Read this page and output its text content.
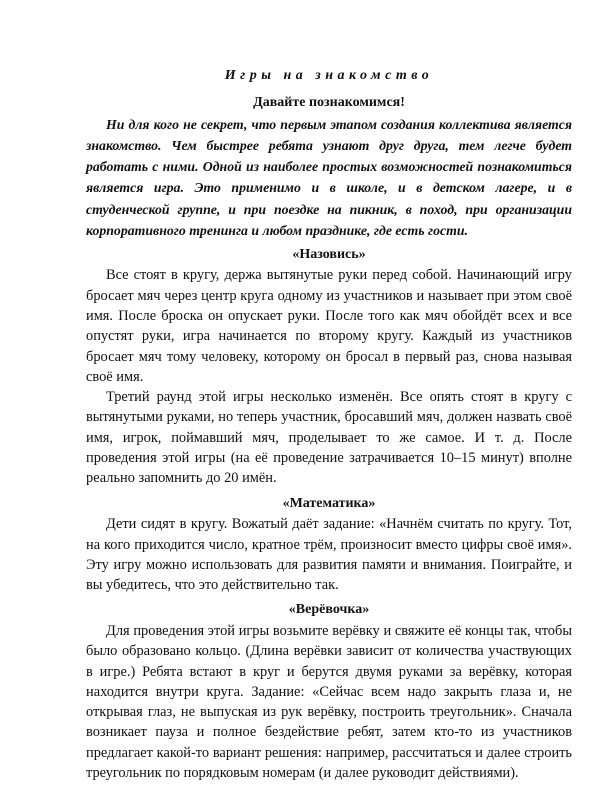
Игры на знакомство
Давайте познакомимся!

Ни для кого не секрет, что первым этапом создания коллектива является знакомство. Чем быстрее ребята узнают друг друга, тем легче будет работать с ними. Одной из наиболее простых возможностей познакомиться является игра. Это применимо и в школе, и в детском лагере, и в студенческой группе, и при поездке на пикник, в поход, при организации корпоративного тренинга и любом празднике, где есть гости.

«Назовись»

Все стоят в кругу, держа вытянутые руки перед собой. Начинающий игру бросает мяч через центр круга одному из участников и называет при этом своё имя. После броска он опускает руки. После того как мяч обойдёт всех и все опустят руки, игра начинается по второму кругу. Каждый из участников бросает мяч тому человеку, которому он бросал в первый раз, снова называя своё имя.

Третий раунд этой игры несколько изменён. Все опять стоят в кругу с вытянутыми руками, но теперь участник, бросавший мяч, должен назвать своё имя, игрок, поймавший мяч, проделывает то же самое. И т. д. После проведения этой игры (на её проведение затрачивается 10–15 минут) вполне реально запомнить до 20 имён.

«Математика»

Дети сидят в кругу. Вожатый даёт задание: «Начнём считать по кругу. Тот, на кого приходится число, кратное трём, произносит вместо цифры своё имя». Эту игру можно использовать для развития памяти и внимания. Поиграйте, и вы убедитесь, что это действительно так.

«Верёвочка»

Для проведения этой игры возьмите верёвку и свяжите её концы так, чтобы было образовано кольцо. (Длина верёвки зависит от количества участвующих в игре.) Ребята встают в круг и берутся двумя руками за верёвку, которая находится внутри круга. Задание: «Сейчас всем надо закрыть глаза и, не открывая глаз, не выпуская из рук верёвку, построить треугольник». Сначала возникает пауза и полное бездействие ребят, затем кто-то из участников предлагает какой-то вариант решения: например, рассчитаться и далее строить треугольник по порядковым номерам (и далее руководит действиями).
